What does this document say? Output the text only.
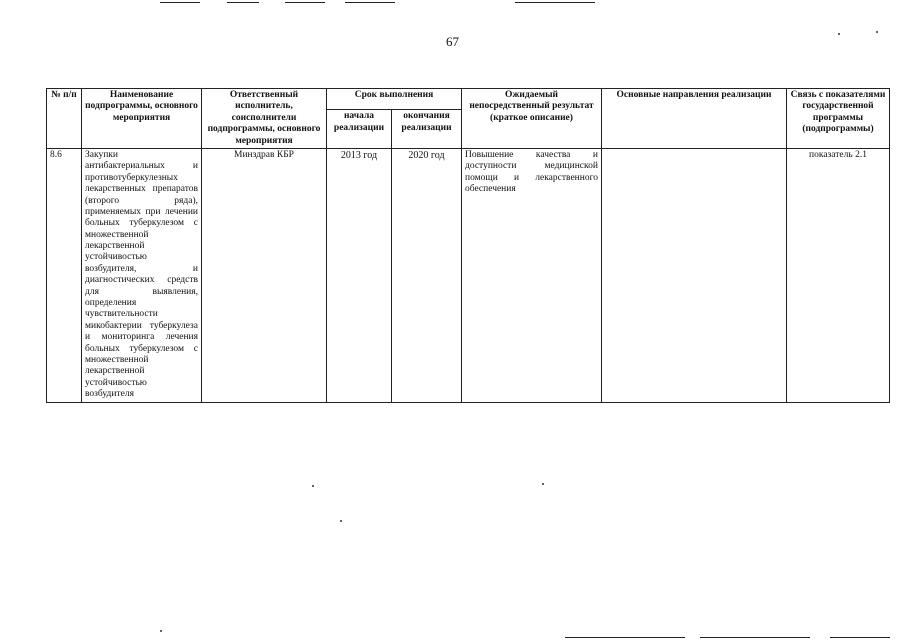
67
№ п/п	Наименование подпрограммы, основного мероприятия	Ответственный исполнитель, соисполнители подпрограммы, основного мероприятия	Срок выполнения		Ожидаемый непосредственный результат (краткое описание)	Основные направления реализации	Связь с показателями государственной программы (подпрограммы)
			начала реализации	окончания реализации			
8.6	Закупки антибактериальных и противотуберкулезных лекарственных препаратов (второго ряда), применяемых при лечении больных туберкулезом с множественной лекарственной устойчивостью возбудителя, и диагностических средств для выявления, определения чувствительности микобактерии туберкулеза и мониторинга лечения больных туберкулезом с множественной лекарственной устойчивостью возбудителя	Минздрав КБР	2013 год	2020 год	Повышение качества и доступности медицинской помощи и лекарственного обеспечения		показатель 2.1
